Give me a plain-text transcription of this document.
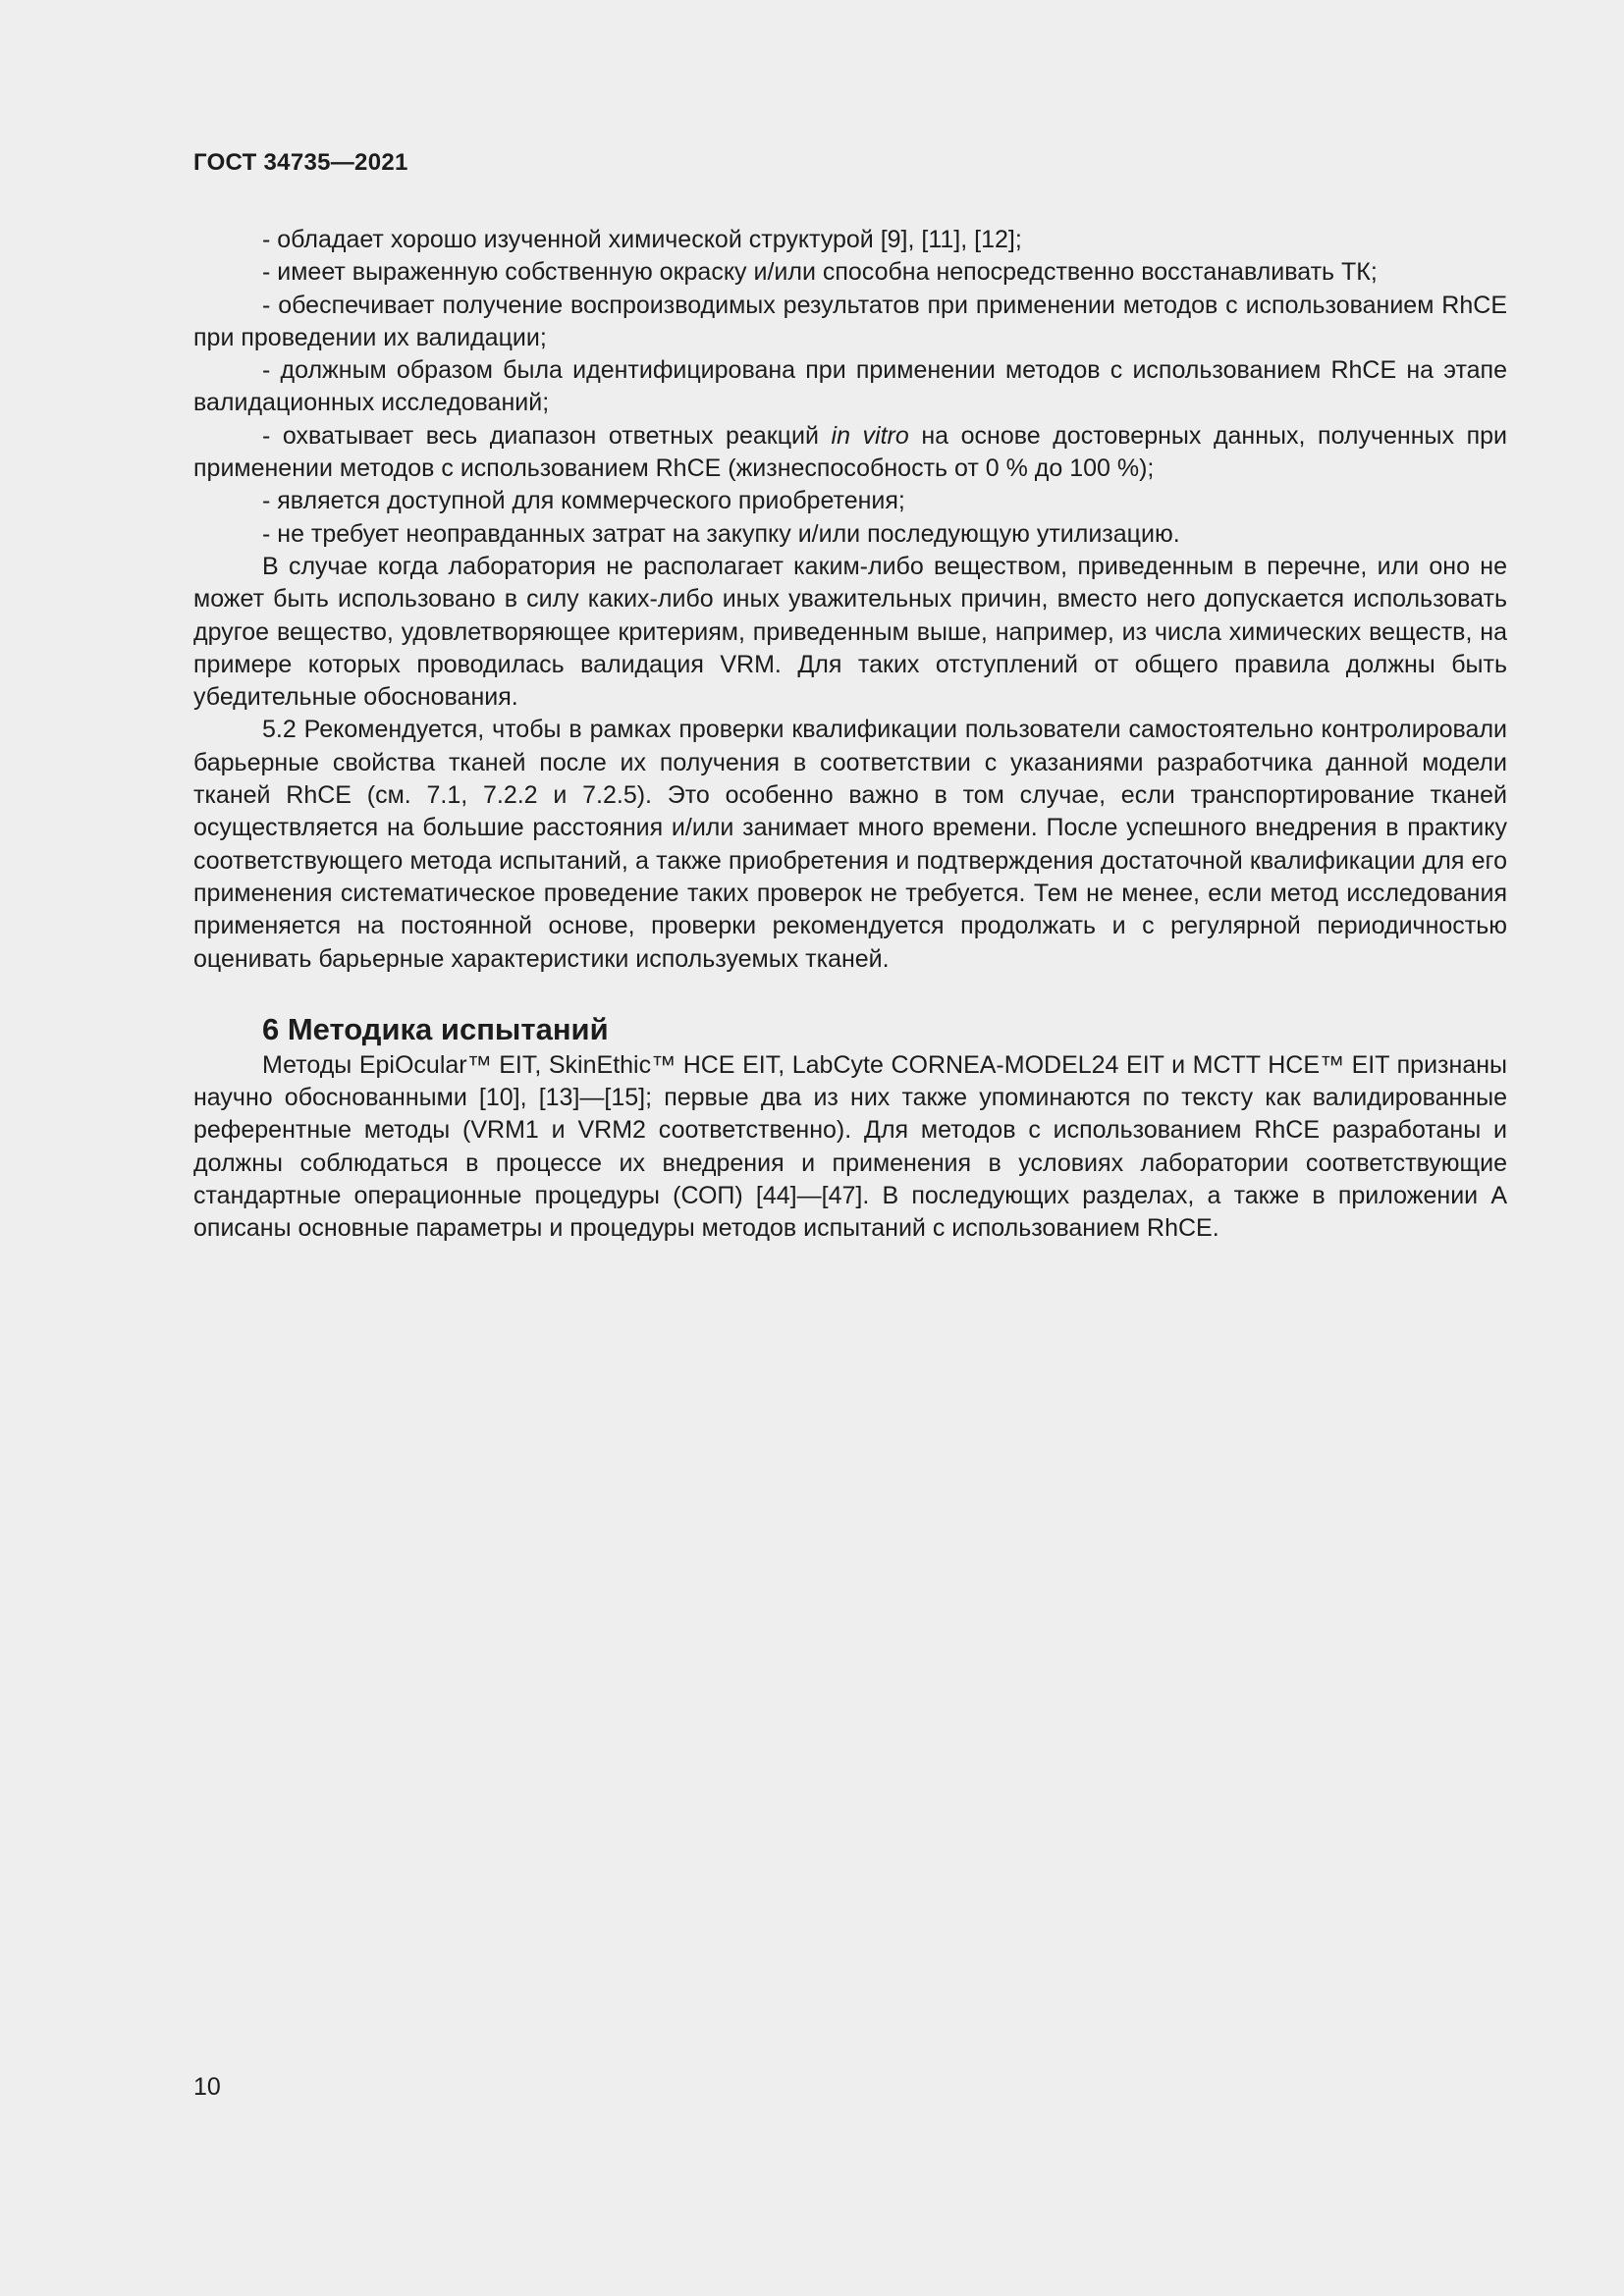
ГОСТ 34735—2021

- обладает хорошо изученной химической структурой [9], [11], [12];

- имеет выраженную собственную окраску и/или способна непосредственно восстанавливать ТК;

- обеспечивает получение воспроизводимых результатов при применении методов с использованием RhCE при проведении их валидации;

- должным образом была идентифицирована при применении методов с использованием RhCE на этапе валидационных исследований;

- охватывает весь диапазон ответных реакций in vitro на основе достоверных данных, полученных при применении методов с использованием RhCE (жизнеспособность от 0 % до 100 %);

- являетcя доступной для коммерческого приобретения;

- не требует неоправданных затрат на закупку и/или последующую утилизацию.

В случае когда лаборатория не располагает каким-либо веществом, приведенным в перечне, или оно не может быть использовано в силу каких-либо иных уважительных причин, вместо него допускается использовать другое вещество, удовлетворяющее критериям, приведенным выше, например, из числа химических веществ, на примере которых проводилась валидация VRM. Для таких отступлений от общего правила должны быть убедительные обоснования.

5.2 Рекомендуется, чтобы в рамках проверки квалификации пользователи самостоятельно контролировали барьерные свойства тканей после их получения в соответствии с указаниями разработчика данной модели тканей RhCE (см. 7.1, 7.2.2 и 7.2.5). Это особенно важно в том случае, если транспортирование тканей осуществляется на большие расстояния и/или занимает много времени. После успешного внедрения в практику соответствующего метода испытаний, а также приобретения и подтверждения достаточной квалификации для его применения систематическое проведение таких проверок не требуется. Тем не менее, если метод исследования применяется на постоянной основе, проверки рекомендуется продолжать и с регулярной периодичностью оценивать барьерные характеристики используемых тканей.

6 Методика испытаний

Методы EpiOcular™ EIT, SkinEthic™ HCE EIT, LabCyte CORNEA-MODEL24 EIT и MCTT HCE™ EIT признаны научно обоснованными [10], [13]—[15]; первые два из них также упоминаются по тексту как валидированные референтные методы (VRM1 и VRM2 соответственно). Для методов с использованием RhCE разработаны и должны соблюдаться в процессе их внедрения и применения в условиях лаборатории соответствующие стандартные операционные процедуры (СОП) [44]—[47]. В последующих разделах, а также в приложении А описаны основные параметры и процедуры методов испытаний с использованием RhCE.

10
